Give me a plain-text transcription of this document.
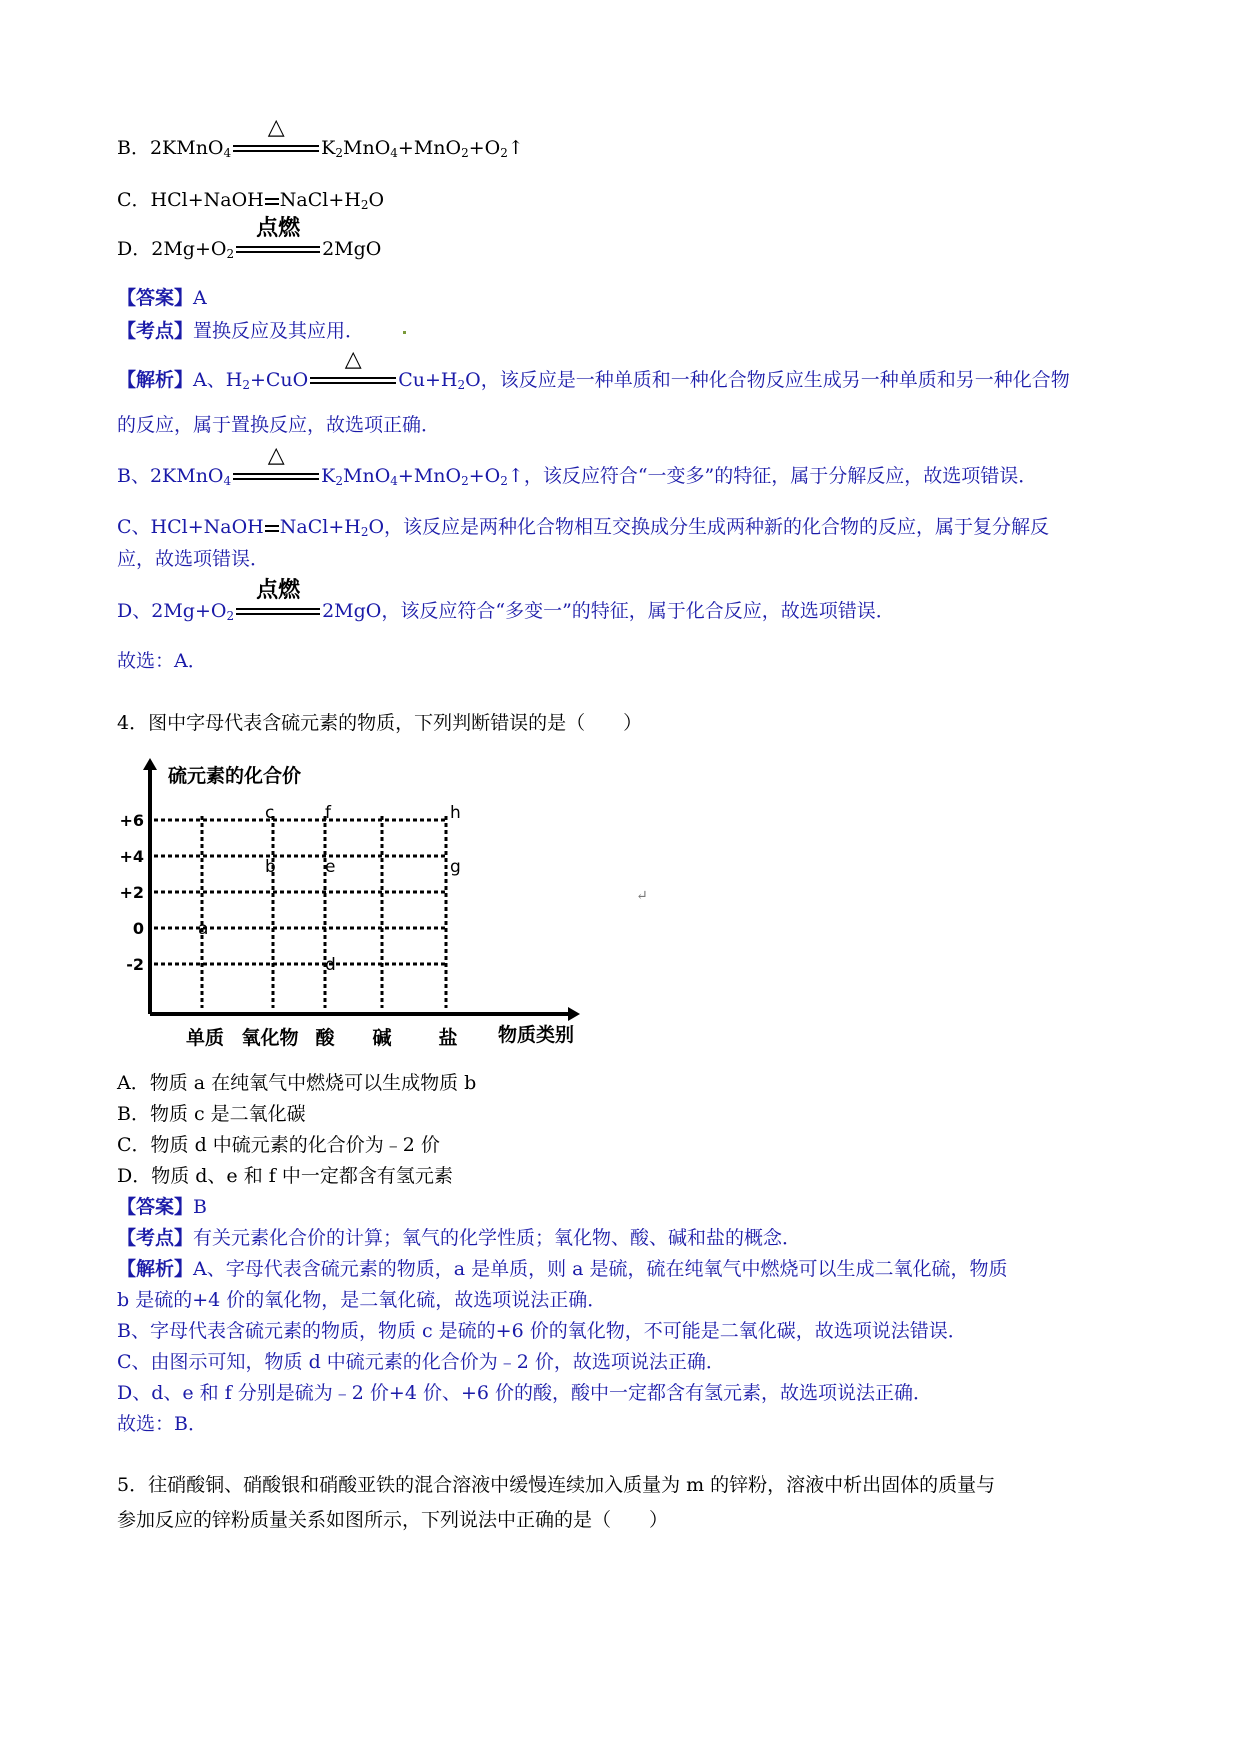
B．2KMnO$_4$
△
$K_2MnO_4+MnO_2+O_2↑$
C．HCl+NaOH $NaCl+H_2O$
D．$2Mg+O_2$
点燃
2MgO
【答案】A
【考点】置换反应及其应用．
【解析】A、$H_2+CuO$
△
$Cu+H_2O$，该反应是一种单质和一种化合物反应生成另一种单质和另一种化合物
的反应，属于置换反应，故选项正确．
B、2KMnO$_4$
△
$K_2MnO_4+MnO_2+O_2↑$，该反应符合“一变多”的特征，属于分解反应，故选项错误．
C、HCl+NaOH $NaCl+H_2O$，该反应是两种化合物相互交换成分生成两种新的化合物的反应，属于复分解反
应，故选项错误．
D、$2Mg+O_2$
点燃
2MgO，该反应符合“多变一”的特征，属于化合反应，故选项错误．
故选：A．
4．图中字母代表含硫元素的物质，下列判断错误的是（　　）
硫元素的化合价
+6
+4
+2
0
-2
单质 氧化物 酸 碱 盐 物质类别
a
b
c
d
e
f
g
h
↵
A．物质 a 在纯氧气中燃烧可以生成物质 b
B．物质 c 是二氧化碳
C．物质 d 中硫元素的化合价为﹣2 价
D．物质 d、e 和 f 中一定都含有氢元素
【答案】B
【考点】有关元素化合价的计算；氧气的化学性质；氧化物、酸、碱和盐的概念．
【解析】A、字母代表含硫元素的物质，a 是单质，则 a 是硫，硫在纯氧气中燃烧可以生成二氧化硫，物质
b 是硫的+4 价的氧化物，是二氧化硫，故选项说法正确．
B、字母代表含硫元素的物质，物质 c 是硫的+6 价的氧化物，不可能是二氧化碳，故选项说法错误．
C、由图示可知，物质 d 中硫元素的化合价为﹣2 价，故选项说法正确．
D、d、e 和 f 分别是硫为﹣2 价+4 价、+6 价的酸，酸中一定都含有氢元素，故选项说法正确．
故选：B．
5．往硝酸铜、硝酸银和硝酸亚铁的混合溶液中缓慢连续加入质量为 m 的锌粉，溶液中析出固体的质量与
参加反应的锌粉质量关系如图所示，下列说法中正确的是（　　）
